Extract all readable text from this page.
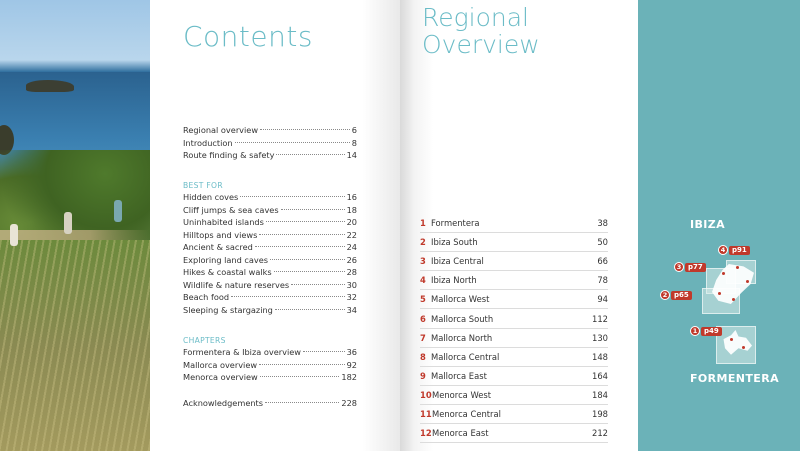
Contents
Regional overview	6
Introduction	8
Route finding & safety	14
BEST FOR
Hidden coves	16
Cliff jumps & sea caves	18
Uninhabited islands	20
Hilltops and views	22
Ancient & sacred	24
Exploring land caves	26
Hikes & coastal walks	28
Wildlife & nature reserves	30
Beach food	32
Sleeping & stargazing	34
CHAPTERS
Formentera & Ibiza overview	36
Mallorca overview	92
Menorca overview	182
Acknowledgements	228
Regional
Overview
1 Formentera	38
2 Ibiza South	50
3 Ibiza Central	66
4 Ibiza North	78
5 Mallorca West	94
6 Mallorca South	112
7 Mallorca North	130
8 Mallorca Central	148
9 Mallorca East	164
10 Menorca West	184
11 Menorca Central	198
12 Menorca East	212
IBIZA
FORMENTERA
4 p91
3 p77
2 p65
1 p49
